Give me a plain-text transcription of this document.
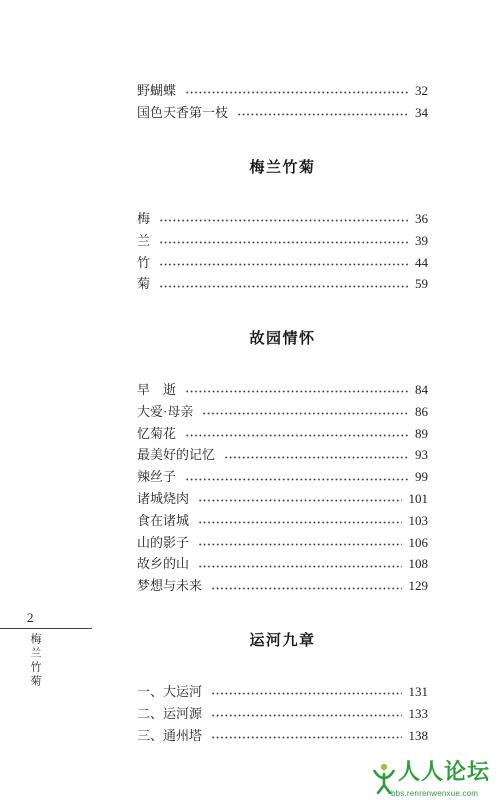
野蝴蝶	32
国色天香第一枝	34
梅兰竹菊
梅	36
兰	39
竹	44
菊	59
故园情怀
早　逝	84
大爱·母亲	86
忆菊花	89
最美好的记忆	93
辣丝子	99
诸城烧肉	101
食在诸城	103
山的影子	106
故乡的山	108
梦想与未来	129
运河九章
一、大运河	131
二、运河源	133
三、通州塔	138
2
梅兰竹菊
人人论坛
bbs.renrenwenxue.com
